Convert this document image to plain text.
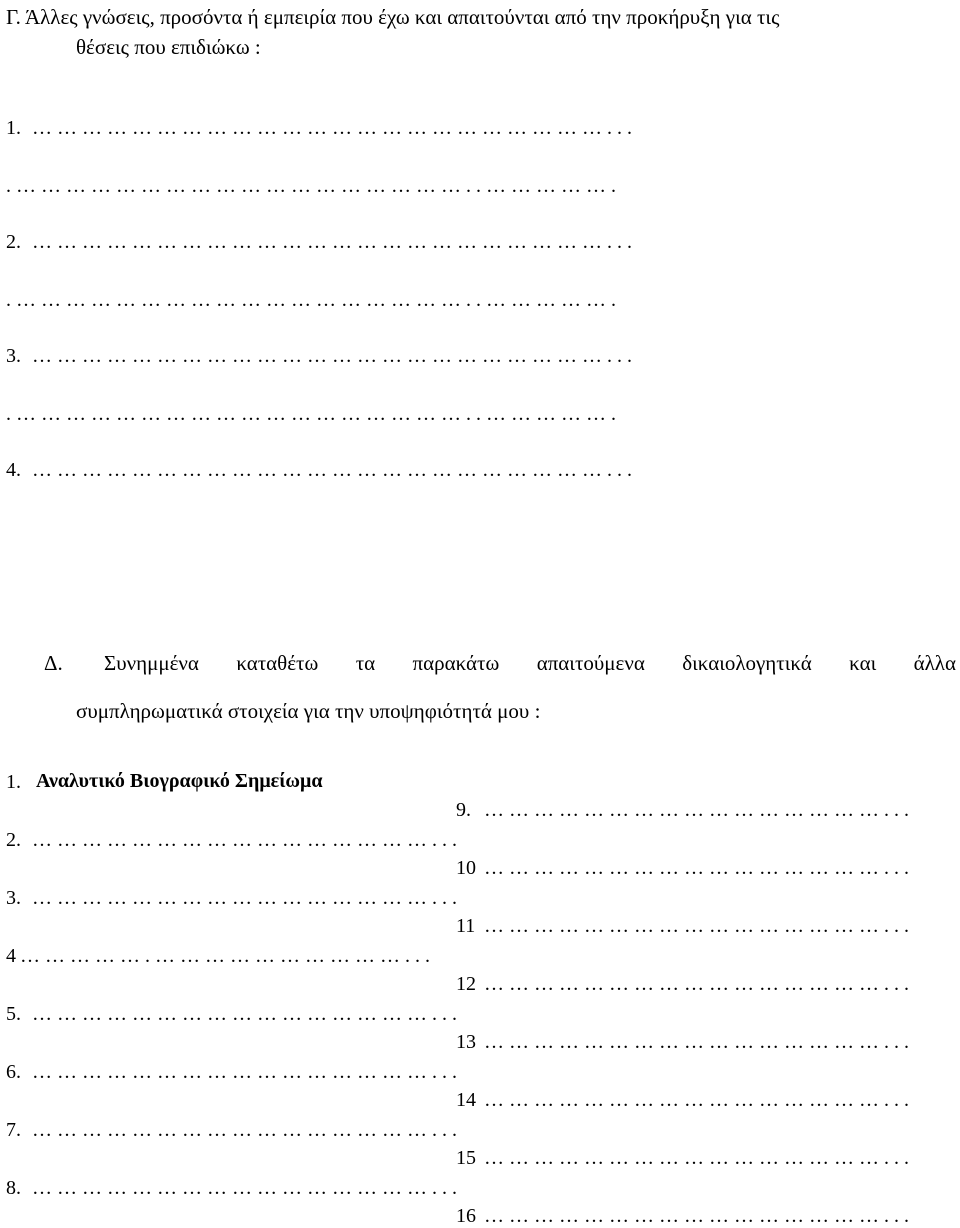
Γ. Άλλες γνώσεις, προσόντα ή εμπειρία που έχω και απαιτούνται από την προκήρυξη για τις
θέσεις που επιδιώκω :
1. ……………………………………………………………...
.………………………………………………..…………….
2. ……………………………………………………………...
.………………………………………………..…………….
3. ……………………………………………………………...
.………………………………………………..…………….
4. ……………………………………………………………...
Δ. Συνημμένα καταθέτω τα παρακάτω απαιτούμενα δικαιολογητικά και άλλα
συμπληρωματικά στοιχεία για την υποψηφιότητά μου :
1. Αναλυτικό Βιογραφικό Σημείωμα
2. …………………………………………...
3. …………………………………………...
4 …………….…………………………...
5. …………………………………………...
6. …………………………………………...
7. …………………………………………...
8. …………………………………………...
9. …………………………………………...
10 …………………………………………...
11 …………………………………………...
12 …………………………………………...
13 …………………………………………...
14 …………………………………………...
15 …………………………………………...
16 …………………………………………...
